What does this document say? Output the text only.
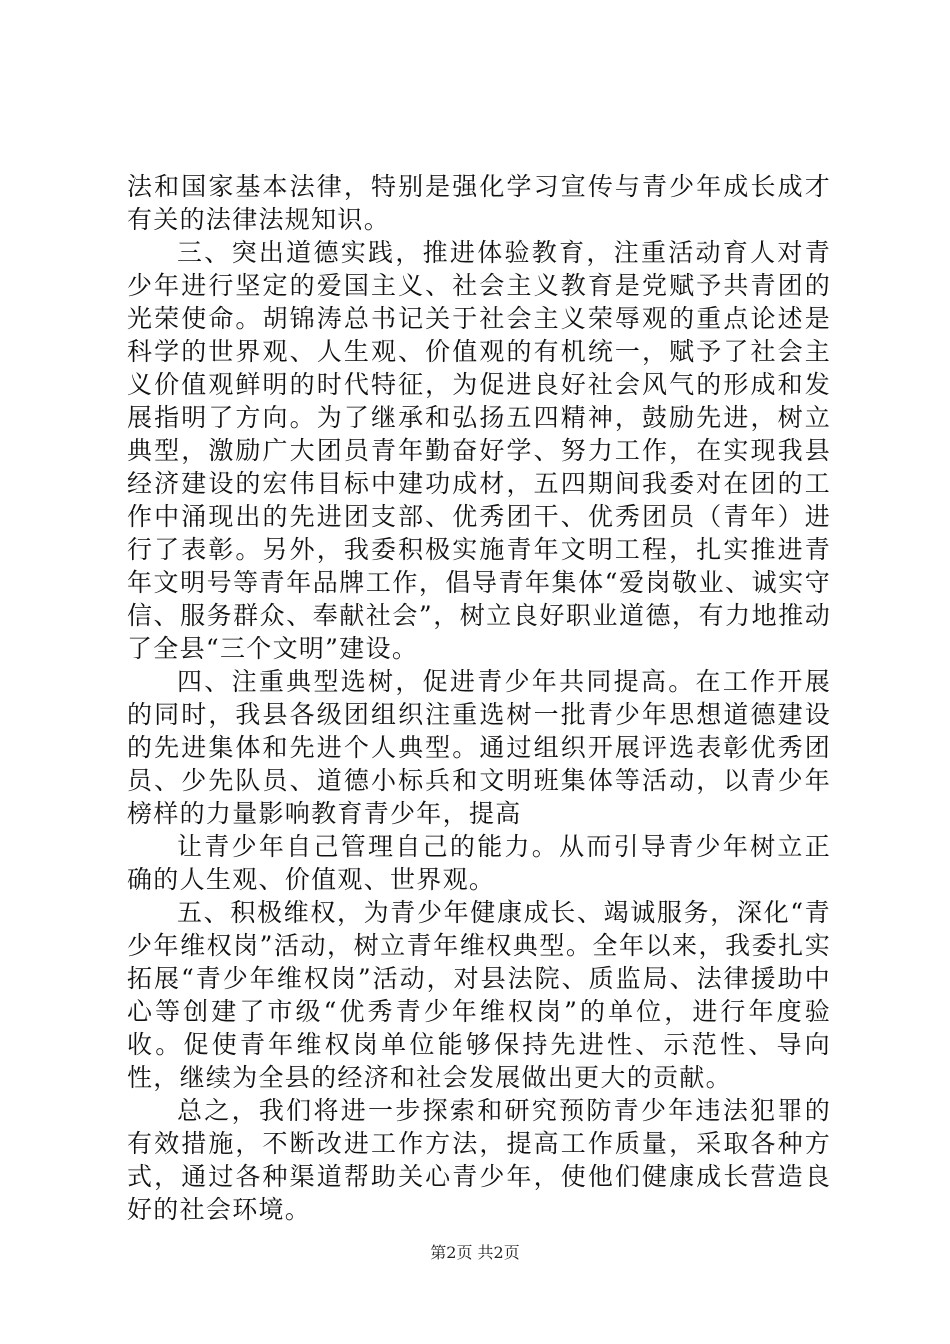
法和国家基本法律，特别是强化学习宣传与青少年成长成才有关的法律法规知识。

三、突出道德实践，推进体验教育，注重活动育人对青少年进行坚定的爱国主义、社会主义教育是党赋予共青团的光荣使命。胡锦涛总书记关于社会主义荣辱观的重点论述是科学的世界观、人生观、价值观的有机统一，赋予了社会主义价值观鲜明的时代特征，为促进良好社会风气的形成和发展指明了方向。为了继承和弘扬五四精神，鼓励先进，树立典型，激励广大团员青年勤奋好学、努力工作，在实现我县经济建设的宏伟目标中建功成材，五四期间我委对在团的工作中涌现出的先进团支部、优秀团干、优秀团员（青年）进行了表彰。另外，我委积极实施青年文明工程，扎实推进青年文明号等青年品牌工作，倡导青年集体“爱岗敬业、诚实守信、服务群众、奉献社会”，树立良好职业道德，有力地推动了全县“三个文明”建设。

四、注重典型选树，促进青少年共同提高。在工作开展的同时，我县各级团组织注重选树一批青少年思想道德建设的先进集体和先进个人典型。通过组织开展评选表彰优秀团员、少先队员、道德小标兵和文明班集体等活动，以青少年榜样的力量影响教育青少年，提高

让青少年自己管理自己的能力。从而引导青少年树立正确的人生观、价值观、世界观。

五、积极维权，为青少年健康成长、竭诚服务，深化“青少年维权岗”活动，树立青年维权典型。全年以来，我委扎实拓展“青少年维权岗”活动，对县法院、质监局、法律援助中心等创建了市级“优秀青少年维权岗”的单位，进行年度验收。促使青年维权岗单位能够保持先进性、示范性、导向性，继续为全县的经济和社会发展做出更大的贡献。

总之，我们将进一步探索和研究预防青少年违法犯罪的有效措施，不断改进工作方法，提高工作质量，采取各种方式，通过各种渠道帮助关心青少年，使他们健康成长营造良好的社会环境。

第2页 共2页
